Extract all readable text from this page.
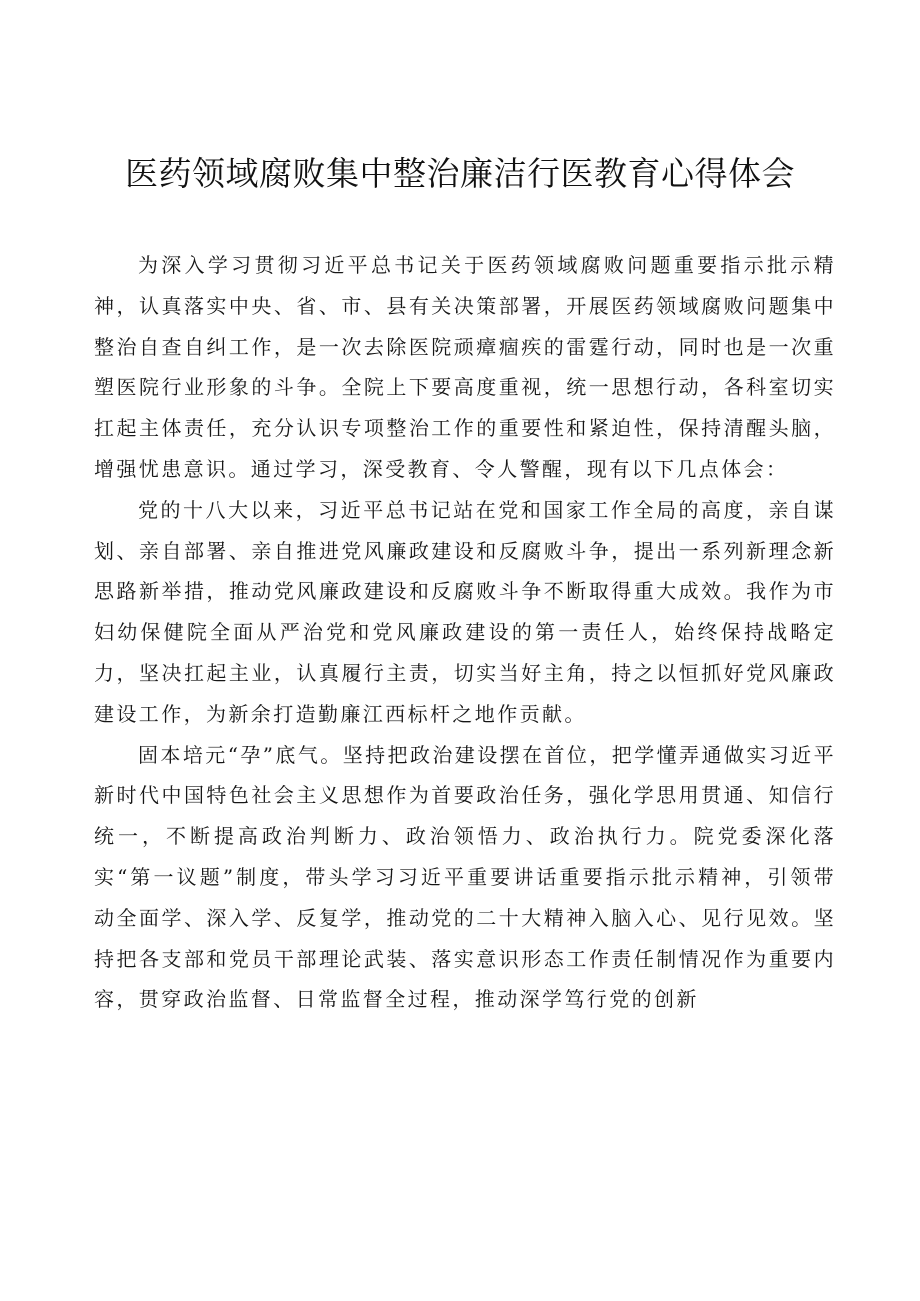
医药领域腐败集中整治廉洁行医教育心得体会

为深入学习贯彻习近平总书记关于医药领域腐败问题重要指示批示精神，认真落实中央、省、市、县有关决策部署，开展医药领域腐败问题集中整治自查自纠工作，是一次去除医院顽瘴痼疾的雷霆行动，同时也是一次重塑医院行业形象的斗争。全院上下要高度重视，统一思想行动，各科室切实扛起主体责任，充分认识专项整治工作的重要性和紧迫性，保持清醒头脑，增强忧患意识。通过学习，深受教育、令人警醒，现有以下几点体会：

党的十八大以来，习近平总书记站在党和国家工作全局的高度，亲自谋划、亲自部署、亲自推进党风廉政建设和反腐败斗争，提出一系列新理念新思路新举措，推动党风廉政建设和反腐败斗争不断取得重大成效。我作为市妇幼保健院全面从严治党和党风廉政建设的第一责任人，始终保持战略定力，坚决扛起主业，认真履行主责，切实当好主角，持之以恒抓好党风廉政建设工作，为新余打造勤廉江西标杆之地作贡献。

固本培元“孕”底气。坚持把政治建设摆在首位，把学懂弄通做实习近平新时代中国特色社会主义思想作为首要政治任务，强化学思用贯通、知信行统一，不断提高政治判断力、政治领悟力、政治执行力。院党委深化落实“第一议题”制度，带头学习习近平重要讲话重要指示批示精神，引领带动全面学、深入学、反复学，推动党的二十大精神入脑入心、见行见效。坚持把各支部和党员干部理论武装、落实意识形态工作责任制情况作为重要内容，贯穿政治监督、日常监督全过程，推动深学笃行党的创新
